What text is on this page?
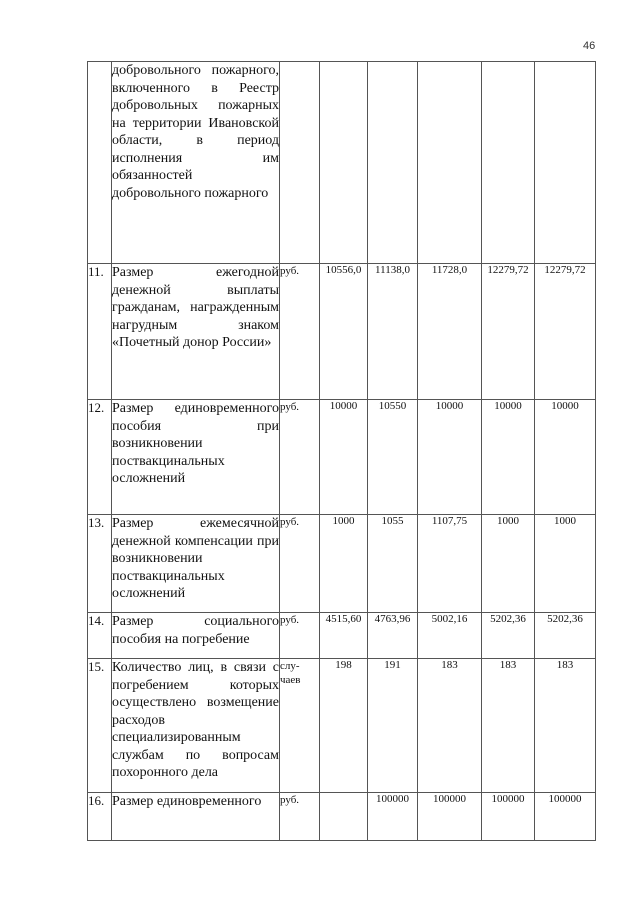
46

	добровольного пожарного, включенного в Реестр добровольных пожарных на территории Ивановской области, в период исполнения им обязанностей добровольного пожарного						

11.	Размер ежегодной денежной выплаты гражданам, награжденным нагрудным знаком «Почетный донор России»	руб.	10556,0	11138,0	11728,0	12279,72	12279,72
12.	Размер единовременного пособия при возникновении поствакцинальных осложнений	руб.	10000	10550	10000	10000	10000
13.	Размер ежемесячной денежной компенсации при возникновении поствакцинальных осложнений	руб.	1000	1055	1107,75	1000	1000
14.	Размер социального пособия на погребение	руб.	4515,60	4763,96	5002,16	5202,36	5202,36
15.	Количество лиц, в связи с погребением которых осуществлено возмещение расходов специализированным службам по вопросам похоронного дела	слу-чаев	198	191	183	183	183
16.	Размер единовременного	руб.		100000	100000	100000	100000
